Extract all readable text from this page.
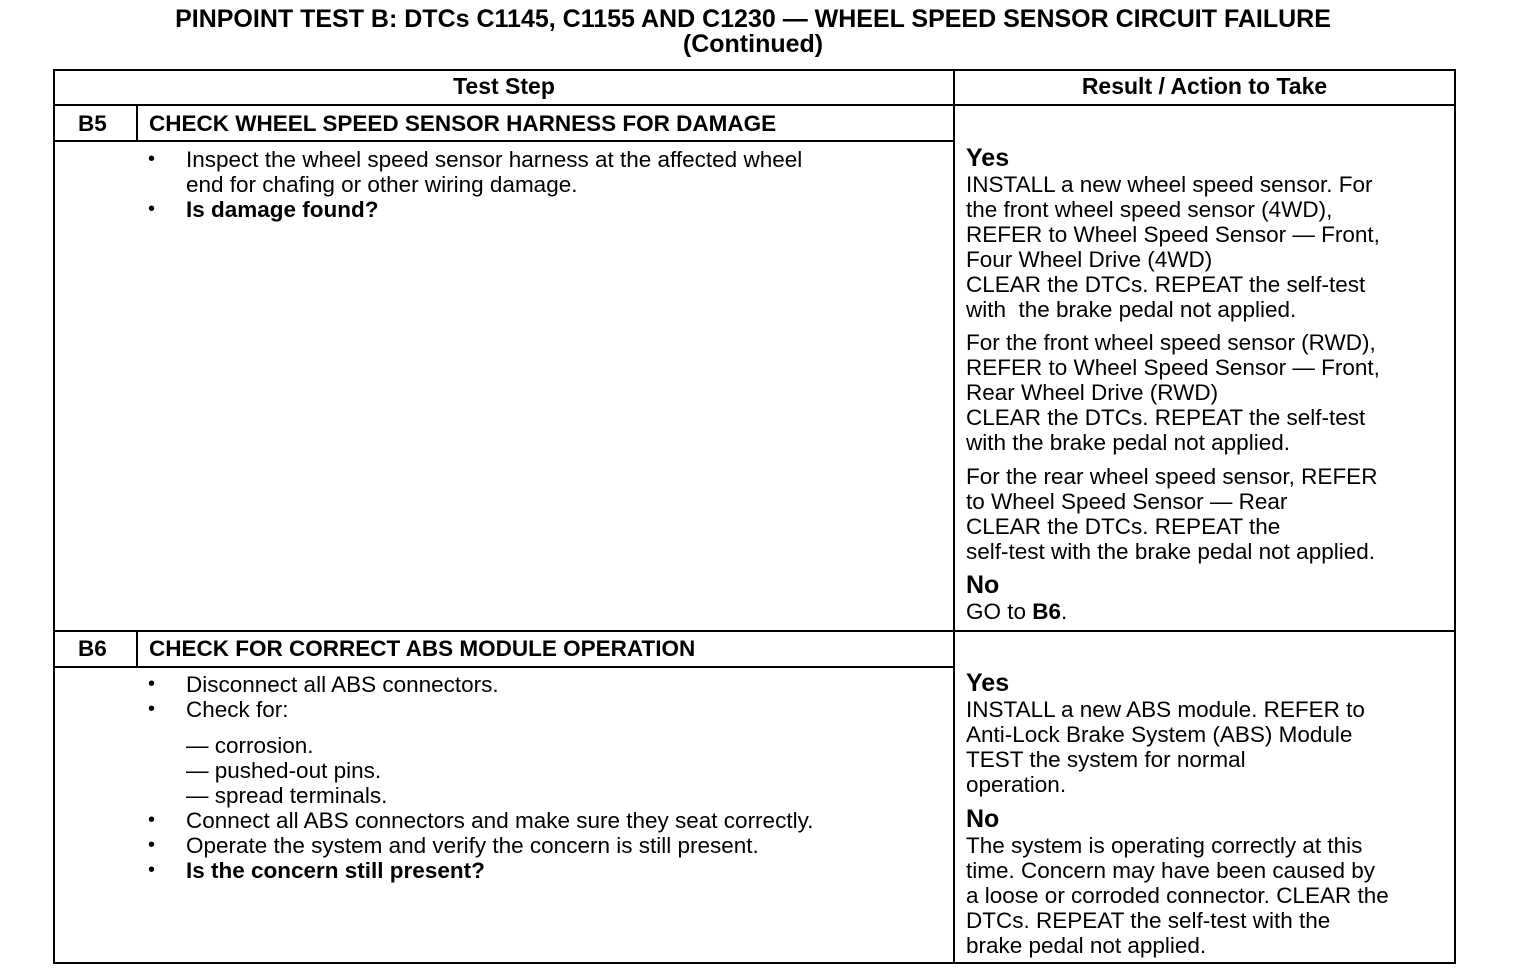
PINPOINT TEST B: DTCs C1145, C1155 AND C1230 — WHEEL SPEED SENSOR CIRCUIT FAILURE
(Continued)
Test Step	Result / Action to Take
B5 CHECK WHEEL SPEED SENSOR HARNESS FOR DAMAGE
• Inspect the wheel speed sensor harness at the affected wheel
end for chafing or other wiring damage.
• Is damage found?
Yes
INSTALL a new wheel speed sensor. For
the front wheel speed sensor (4WD),
REFER to Wheel Speed Sensor — Front,
Four Wheel Drive (4WD)
CLEAR the DTCs. REPEAT the self-test
with  the brake pedal not applied.
For the front wheel speed sensor (RWD),
REFER to Wheel Speed Sensor — Front,
Rear Wheel Drive (RWD)
CLEAR the DTCs. REPEAT the self-test
with the brake pedal not applied.
For the rear wheel speed sensor, REFER
to Wheel Speed Sensor — Rear
CLEAR the DTCs. REPEAT the
self-test with the brake pedal not applied.
No
GO to B6.
B6 CHECK FOR CORRECT ABS MODULE OPERATION
• Disconnect all ABS connectors.
• Check for:
— corrosion.
— pushed-out pins.
— spread terminals.
• Connect all ABS connectors and make sure they seat correctly.
• Operate the system and verify the concern is still present.
• Is the concern still present?
Yes
INSTALL a new ABS module. REFER to
Anti-Lock Brake System (ABS) Module
TEST the system for normal
operation.
No
The system is operating correctly at this
time. Concern may have been caused by
a loose or corroded connector. CLEAR the
DTCs. REPEAT the self-test with the
brake pedal not applied.
